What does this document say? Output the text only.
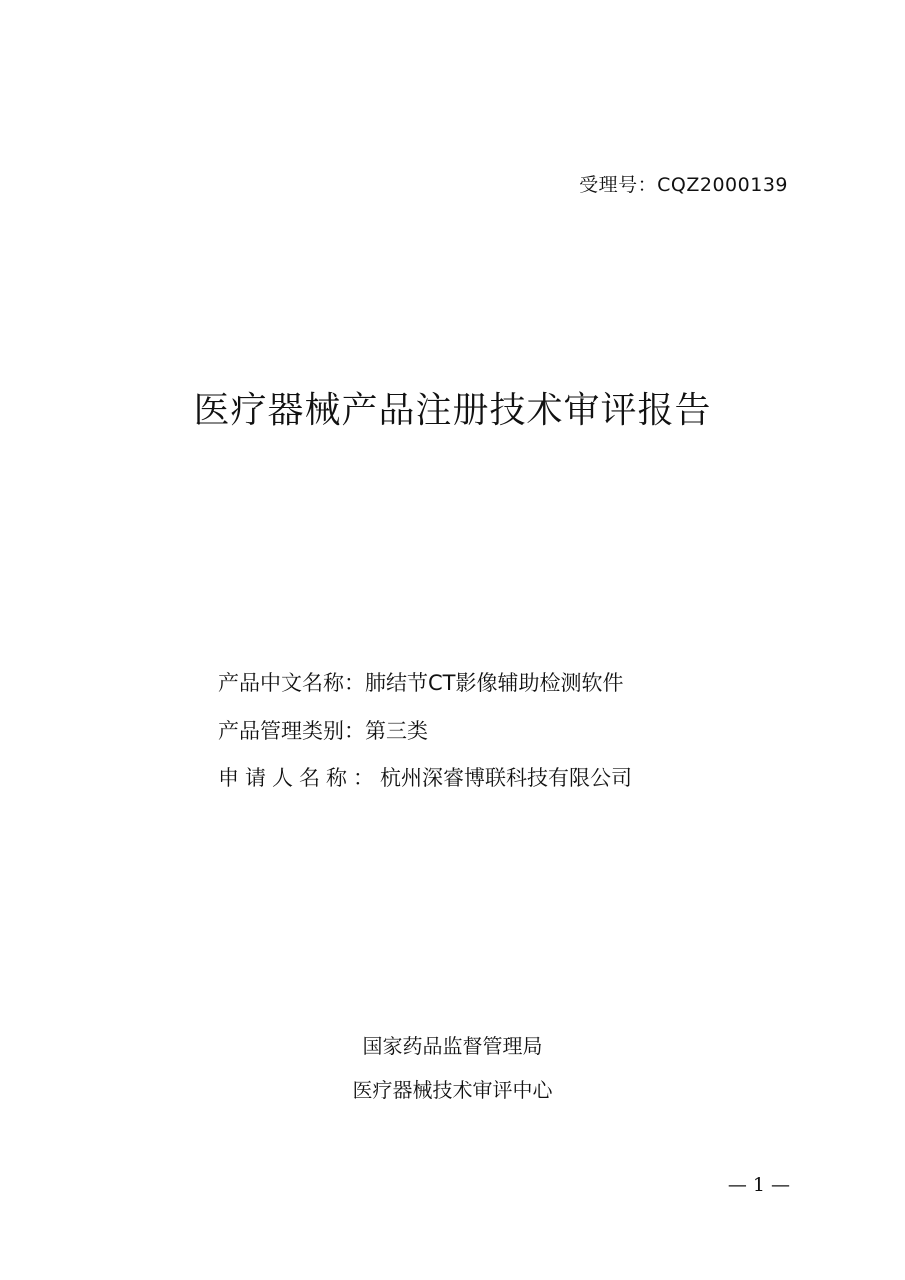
受理号：CQZ2000139
医疗器械产品注册技术审评报告
产品中文名称：肺结节CT影像辅助检测软件
产品管理类别：第三类
申请人名称：杭州深睿博联科技有限公司
国家药品监督管理局
医疗器械技术审评中心
— 1 —
